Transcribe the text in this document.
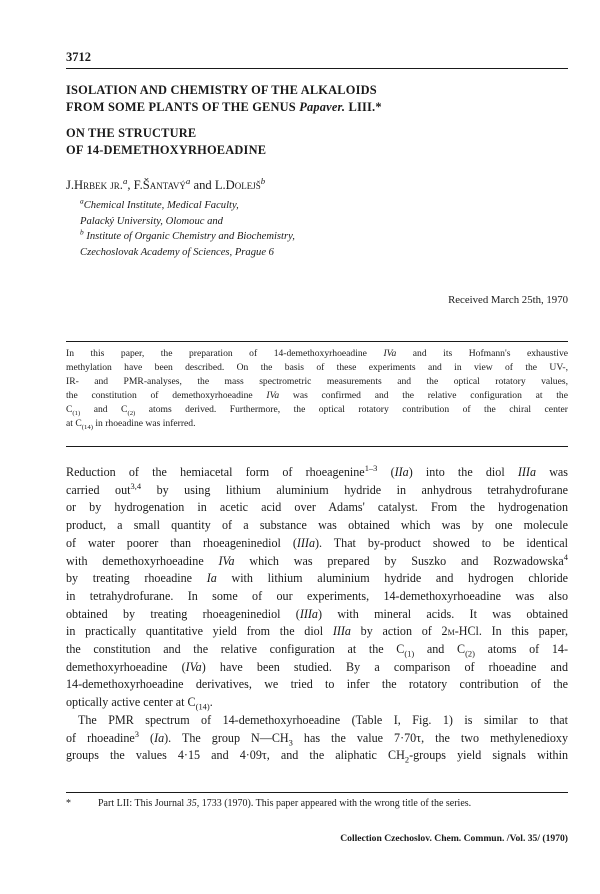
3712
ISOLATION AND CHEMISTRY OF THE ALKALOIDS
FROM SOME PLANTS OF THE GENUS Papaver. LIII.*
ON THE STRUCTURE
OF 14-DEMETHOXYRHOEADINE
J.Hrbek jr.$^a$, F.Šantavý$^a$ and L.Dolejš$^b$
$^a$Chemical Institute, Medical Faculty,
Palacký University, Olomouc and
$^b$ Institute of Organic Chemistry and Biochemistry,
Czechoslovak Academy of Sciences, Prague 6
Received March 25th, 1970
In this paper, the preparation of 14-demethoxyrhoeadine IVa and its Hofmann's exhaustive
methylation have been described. On the basis of these experiments and in view of the UV-,
IR- and PMR-analyses, the mass spectrometric measurements and the optical rotatory values,
the constitution of demethoxyrhoeadine IVa was confirmed and the relative configuration at the
$C_{(1)}$ and $C_{(2)}$ atoms derived. Furthermore, the optical rotatory contribution of the chiral center
at $C_{(14)}$ in rhoeadine was inferred.
Reduction of the hemiacetal form of rhoeagenine$^{1-3}$ (IIa) into the diol IIIa was
carried out$^{3,4}$ by using lithium aluminium hydride in anhydrous tetrahydrofurane
or by hydrogenation in acetic acid over Adams' catalyst. From the hydrogenation
product, a small quantity of a substance was obtained which was by one molecule
of water poorer than rhoeageninediol (IIIa). That by-product showed to be identical
with demethoxyrhoeadine IVa which was prepared by Suszko and Rozwadowska$^4$
by treating rhoeadine Ia with lithium aluminium hydride and hydrogen chloride
in tetrahydrofurane. In some of our experiments, 14-demethoxyrhoeadine was also
obtained by treating rhoeageninediol (IIIa) with mineral acids. It was obtained
in practically quantitative yield from the diol IIIa by action of 2m-HCl. In this paper,
the constitution and the relative configuration at the $C_{(1)}$ and $C_{(2)}$ atoms of 14-
demethoxyrhoeadine (IVa) have been studied. By a comparison of rhoeadine and
14-demethoxyrhoeadine derivatives, we tried to infer the rotatory contribution of the
optically active center at $C_{(14)}$.
The PMR spectrum of 14-demethoxyrhoeadine (Table I, Fig. 1) is similar to that
of rhoeadine$^3$ (Ia). The group $N—CH_3$ has the value 7·70τ, the two methylenedioxy
groups the values 4·15 and 4·09τ, and the aliphatic $CH_2$-groups yield signals within
*	Part LII: This Journal 35, 1733 (1970). This paper appeared with the wrong title of the series.
Collection Czechoslov. Chem. Commun. /Vol. 35/ (1970)
